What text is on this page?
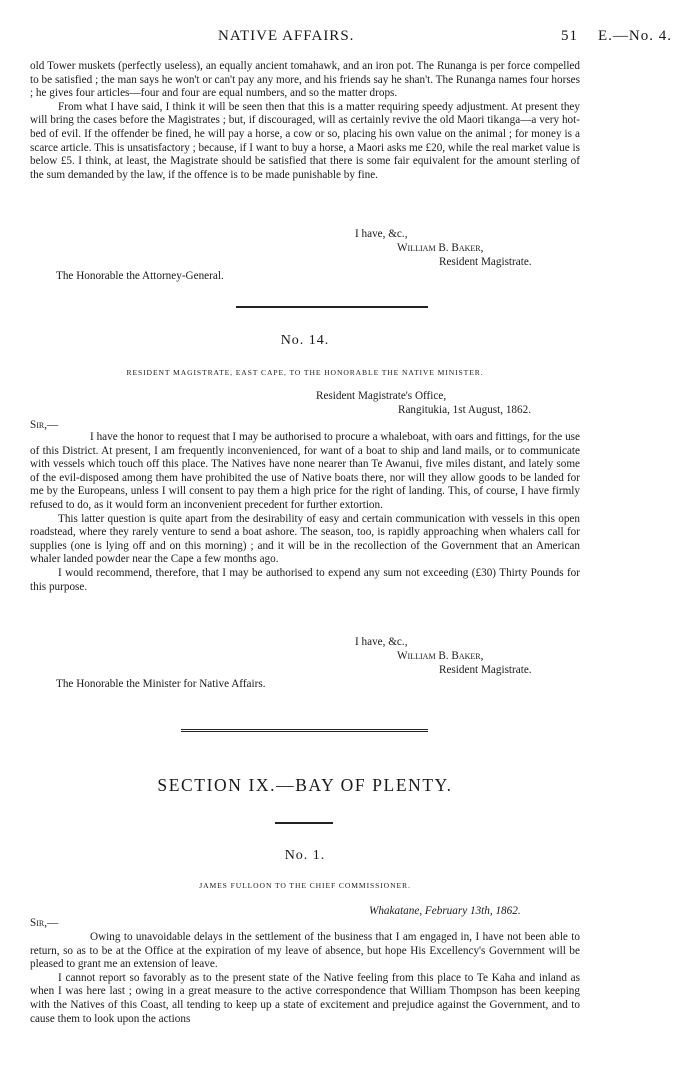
NATIVE AFFAIRS.	51 E.—No. 4.

old Tower muskets (perfectly useless), an equally ancient tomahawk, and an iron pot. The Runanga is per force compelled to be satisfied ; the man says he won't or can't pay any more, and his friends say he shan't. The Runanga names four horses ; he gives four articles—four and four are equal numbers, and so the matter drops.

From what I have said, I think it will be seen then that this is a matter requiring speedy adjustment. At present they will bring the cases before the Magistrates ; but, if discouraged, will as certainly revive the old Maori tikanga—a very hot-bed of evil. If the offender be fined, he will pay a horse, a cow or so, placing his own value on the animal ; for money is a scarce article. This is unsatisfactory ; because, if I want to buy a horse, a Maori asks me £20, while the real market value is below £5. I think, at least, the Magistrate should be satisfied that there is some fair equivalent for the amount sterling of the sum demanded by the law, if the offence is to be made punishable by fine.

I have, &c.,
William B. Baker,
Resident Magistrate.
The Honorable the Attorney-General.
No. 14.
RESIDENT MAGISTRATE, EAST CAPE, TO THE HONORABLE THE NATIVE MINISTER.
Resident Magistrate's Office,
Rangitukia, 1st August, 1862.
Sir,—

I have the honor to request that I may be authorised to procure a whaleboat, with oars and fittings, for the use of this District. At present, I am frequently inconvenienced, for want of a boat to ship and land mails, or to communicate with vessels which touch off this place. The Natives have none nearer than Te Awanui, five miles distant, and lately some of the evil-disposed among them have prohibited the use of Native boats there, nor will they allow goods to be landed for me by the Europeans, unless I will consent to pay them a high price for the right of landing. This, of course, I have firmly refused to do, as it would form an inconvenient precedent for further extortion.

This latter question is quite apart from the desirability of easy and certain communication with vessels in this open roadstead, where they rarely venture to send a boat ashore. The season, too, is rapidly approaching when whalers call for supplies (one is lying off and on this morning) ; and it will be in the recollection of the Government that an American whaler landed powder near the Cape a few months ago.

I would recommend, therefore, that I may be authorised to expend any sum not exceeding (£30) Thirty Pounds for this purpose.

I have, &c.,
William B. Baker,
Resident Magistrate.
The Honorable the Minister for Native Affairs.
SECTION IX.—BAY OF PLENTY.
No. 1.
JAMES FULLOON TO THE CHIEF COMMISSIONER.
Whakatane, February 13th, 1862.
Sir,—

Owing to unavoidable delays in the settlement of the business that I am engaged in, I have not been able to return, so as to be at the Office at the expiration of my leave of absence, but hope His Excellency's Government will be pleased to grant me an extension of leave.

I cannot report so favorably as to the present state of the Native feeling from this place to Te Kaha and inland as when I was here last ; owing in a great measure to the active correspondence that William Thompson has been keeping with the Natives of this Coast, all tending to keep up a state of excitement and prejudice against the Government, and to cause them to look upon the actions
